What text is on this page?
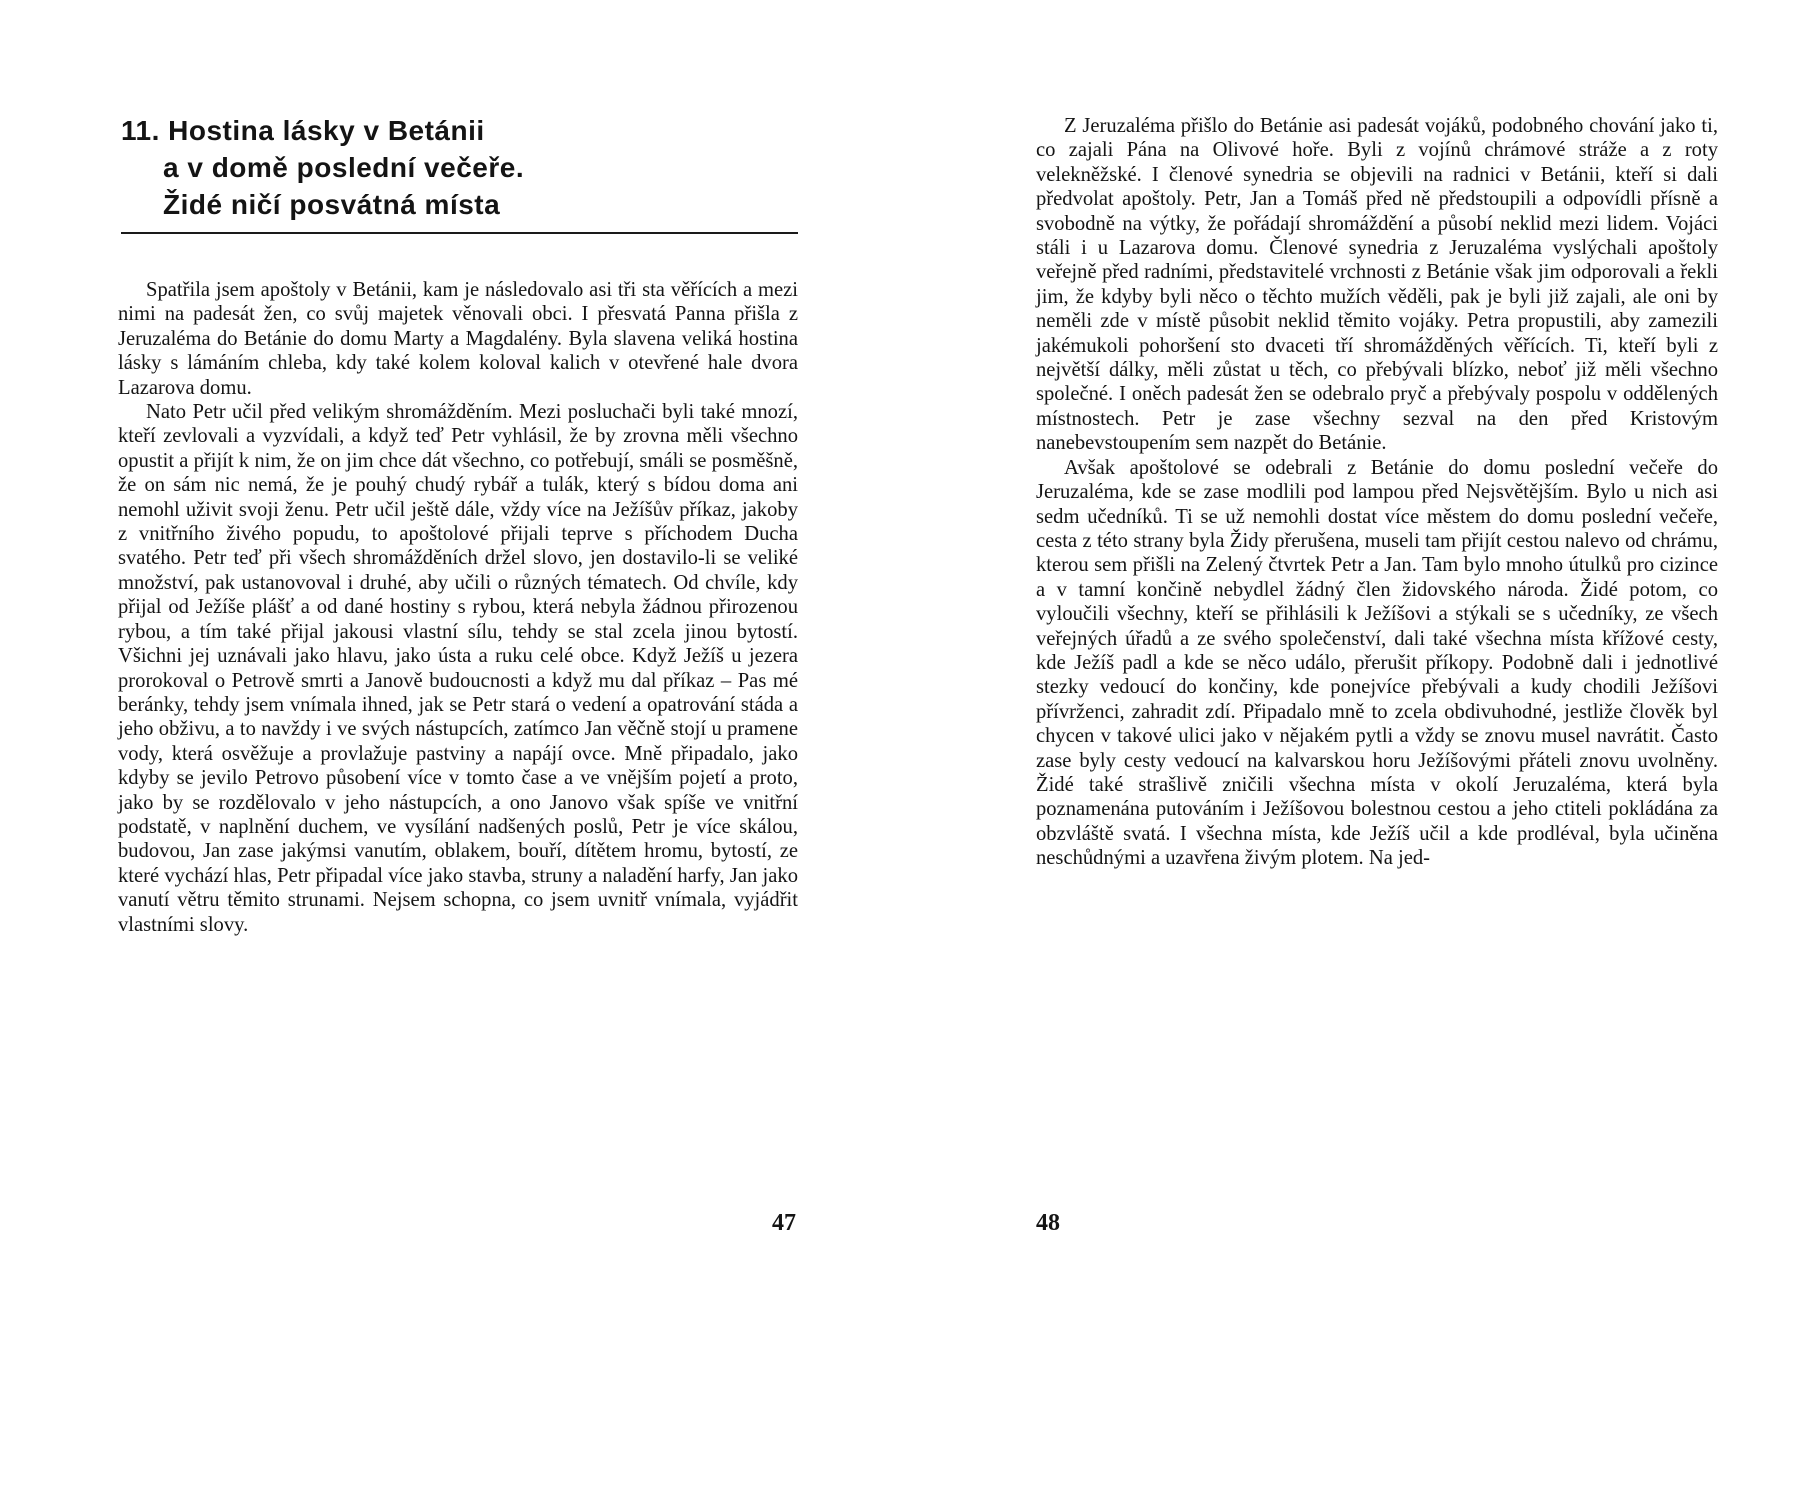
11. Hostina lásky v Betánii
a v domě poslední večeře.
Židé ničí posvátná místa

Spatřila jsem apoštoly v Betánii, kam je následovalo asi tři sta věřících a mezi nimi na padesát žen, co svůj majetek věnovali obci. I přesvatá Panna přišla z Jeruzaléma do Betánie do domu Marty a Magdalény. Byla slavena veliká hostina lásky s lámáním chleba, kdy také kolem koloval kalich v otevřené hale dvora Lazarova domu.

Nato Petr učil před velikým shromážděním. Mezi posluchači byli také mnozí, kteří zevlovali a vyzvídali, a když teď Petr vyhlásil, že by zrovna měli všechno opustit a přijít k nim, že on jim chce dát všechno, co potřebují, smáli se posměšně, že on sám nic nemá, že je pouhý chudý rybář a tulák, který s bídou doma ani nemohl uživit svoji ženu. Petr učil ještě dále, vždy více na Ježíšův příkaz, jakoby z vnitřního živého popudu, to apoštolové přijali teprve s příchodem Ducha svatého. Petr teď při všech shromážděních držel slovo, jen dostavilo-li se veliké množství, pak ustanovoval i druhé, aby učili o různých tématech. Od chvíle, kdy přijal od Ježíše plášť a od dané hostiny s rybou, která nebyla žádnou přirozenou rybou, a tím také přijal jakousi vlastní sílu, tehdy se stal zcela jinou bytostí. Všichni jej uznávali jako hlavu, jako ústa a ruku celé obce. Když Ježíš u jezera prorokoval o Petrově smrti a Janově budoucnosti a když mu dal příkaz – Pas mé beránky, tehdy jsem vnímala ihned, jak se Petr stará o vedení a opatrování stáda a jeho obživu, a to navždy i ve svých nástupcích, zatímco Jan věčně stojí u pramene vody, která osvěžuje a provlažuje pastviny a napájí ovce. Mně připadalo, jako kdyby se jevilo Petrovo působení více v tomto čase a ve vnějším pojetí a proto, jako by se rozdělovalo v jeho nástupcích, a ono Janovo však spíše ve vnitřní podstatě, v naplnění duchem, ve vysílání nadšených poslů, Petr je více skálou, budovou, Jan zase jakýmsi vanutím, oblakem, bouří, dítětem hromu, bytostí, ze které vychází hlas, Petr připadal více jako stavba, struny a naladění harfy, Jan jako vanutí větru těmito strunami. Nejsem schopna, co jsem uvnitř vnímala, vyjádřit vlastními slovy.

47

Z Jeruzaléma přišlo do Betánie asi padesát vojáků, podobného chování jako ti, co zajali Pána na Olivové hoře. Byli z vojínů chrámové stráže a z roty velekněžské. I členové synedria se objevili na radnici v Betánii, kteří si dali předvolat apoštoly. Petr, Jan a Tomáš před ně předstoupili a odpovídli přísně a svobodně na výtky, že pořádají shromáždění a působí neklid mezi lidem. Vojáci stáli i u Lazarova domu. Členové synedria z Jeruzaléma vyslýchali apoštoly veřejně před radními, představitelé vrchnosti z Betánie však jim odporovali a řekli jim, že kdyby byli něco o těchto mužích věděli, pak je byli již zajali, ale oni by neměli zde v místě působit neklid těmito vojáky. Petra propustili, aby zamezili jakémukoli pohoršení sto dvaceti tří shromážděných věřících. Ti, kteří byli z největší dálky, měli zůstat u těch, co přebývali blízko, neboť již měli všechno společné. I oněch padesát žen se odebralo pryč a přebývaly pospolu v oddělených místnostech. Petr je zase všechny sezval na den před Kristovým nanebevstoupením sem nazpět do Betánie.

Avšak apoštolové se odebrali z Betánie do domu poslední večeře do Jeruzaléma, kde se zase modlili pod lampou před Nejsvětějším. Bylo u nich asi sedm učedníků. Ti se už nemohli dostat více městem do domu poslední večeře, cesta z této strany byla Židy přerušena, museli tam přijít cestou nalevo od chrámu, kterou sem přišli na Zelený čtvrtek Petr a Jan. Tam bylo mnoho útulků pro cizince a v tamní končině nebydlel žádný člen židovského národa. Židé potom, co vyloučili všechny, kteří se přihlásili k Ježíšovi a stýkali se s učedníky, ze všech veřejných úřadů a ze svého společenství, dali také všechna místa křížové cesty, kde Ježíš padl a kde se něco událo, přerušit příkopy. Podobně dali i jednotlivé stezky vedoucí do končiny, kde ponejvíce přebývali a kudy chodili Ježíšovi přívrženci, zahradit zdí. Připadalo mně to zcela obdivuhodné, jestliže člověk byl chycen v takové ulici jako v nějakém pytli a vždy se znovu musel navrátit. Často zase byly cesty vedoucí na kalvarskou horu Ježíšovými přáteli znovu uvolněny. Židé také strašlivě zničili všechna místa v okolí Jeruzaléma, která byla poznamenána putováním i Ježíšovou bolestnou cestou a jeho ctiteli pokládána za obzvláště svatá. I všechna místa, kde Ježíš učil a kde prodléval, byla učiněna neschůdnými a uzavřena živým plotem. Na jed-

48
